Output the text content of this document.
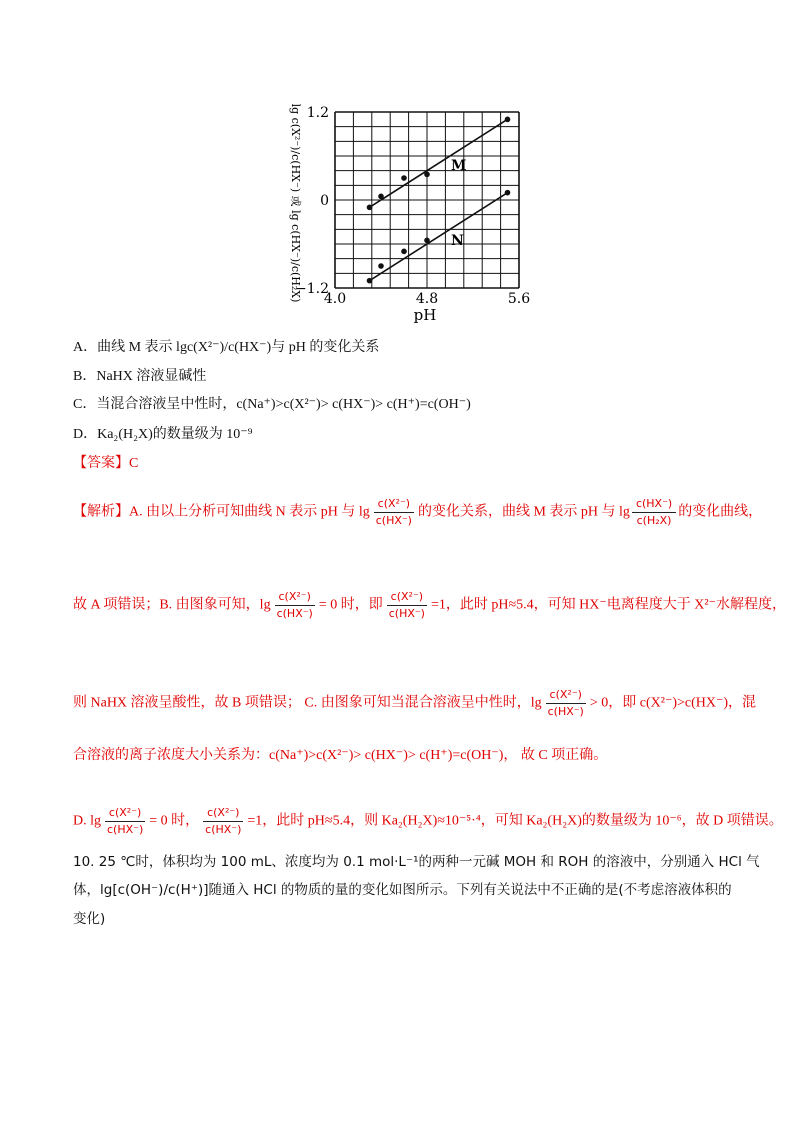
1.2
0
−1.2
4.0	4.8	5.6
lg c(X²⁻)/c(HX⁻) 或 lg c(HX⁻)/c(H₂X)
pH
M
N
A．曲线 M 表示 lgc(X²⁻)/c(HX⁻)与 pH 的变化关系
B．NaHX 溶液显碱性
C．当混合溶液呈中性时，c(Na⁺)>c(X²⁻)> c(HX⁻)> c(H⁺)=c(OH⁻)
D．Ka₂(H₂X)的数量级为 10⁻⁹
【答案】C
【解析】A. 由以上分析可知曲线 N 表示 pH 与 $\lg \frac{\text{c(X²⁻)}}{c(HX^-)}$ 的变化关系，曲线 M 表示 pH 与 $\lg \frac{c(HX^-)}{\text{c(H₂X)}}$ 的变化曲线，
故 A 项错误；B. 由图象可知，$\lg \frac{\text{c(X²⁻)}}{c(HX^-)} = 0$ 时，即 $\frac{\text{c(X²⁻)}}{c(HX^-)} =1$，此时 pH≈5.4，可知 HX⁻电离程度大于 X²⁻水解程度，
则 NaHX 溶液呈酸性，故 B 项错误； C. 由图象可知当混合溶液呈中性时，$\lg \frac{\text{c(X²⁻)}}{c(HX^-)} > 0$，即 c(X²⁻)>c(HX⁻)，混
合溶液的离子浓度大小关系为：c(Na⁺)>c(X²⁻)> c(HX⁻)> c(H⁺)=c(OH⁻)， 故 C 项正确。
D. $\lg \frac{\text{c(X²⁻)}}{c(HX^-)} = 0$ 时， $\frac{\text{c(X²⁻)}}{c(HX^-)} =1$，此时 pH≈5.4，则 Ka₂(H₂X)≈10⁻⁵·⁴，可知 Ka₂(H₂X)的数量级为 10⁻⁶，故 D 项错误。
10. 25 ℃时，体积均为 100 mL、浓度均为 0.1 mol·L⁻¹的两种一元碱 MOH 和 ROH 的溶液中，分别通入 HCl 气
体，lg[c(OH⁻)/c(H⁺)]随通入 HCl 的物质的量的变化如图所示。下列有关说法中不正确的是(不考虑溶液体积的
变化)
